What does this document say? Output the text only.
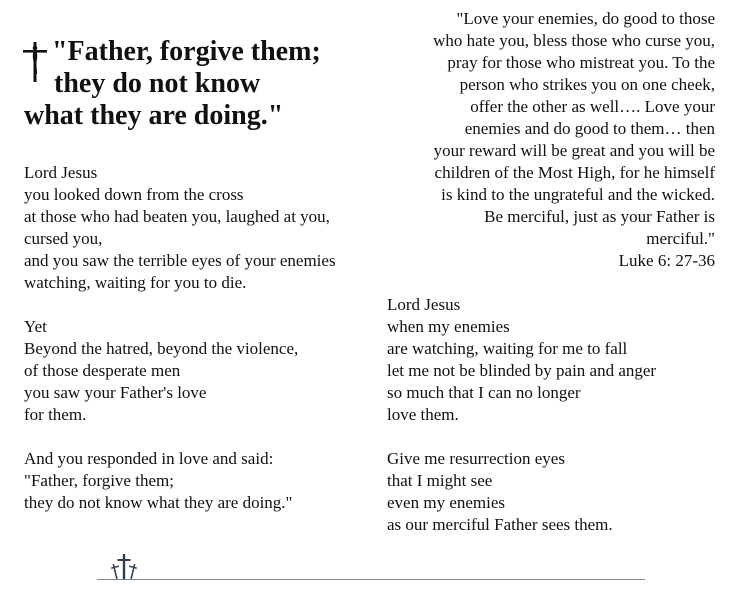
"Father, forgive them;
they do not know
what they are doing."
"Love your enemies, do good to those
who hate you, bless those who curse you,
pray for those who mistreat you. To the
person who strikes you on one cheek,
offer the other as well…. Love your
enemies and do good to them… then
your reward will be great and you will be
children of the Most High, for he himself
is kind to the ungrateful and the wicked.
Be merciful, just as your Father is
merciful."
Luke 6: 27-36

Lord Jesus
you looked down from the cross
at those who had beaten you, laughed at you,
cursed you,
and you saw the terrible eyes of your enemies
watching, waiting for you to die.

Yet
Beyond the hatred, beyond the violence,
of those desperate men
you saw your Father's love
for them.

And you responded in love and said:
"Father, forgive them;
they do not know what they are doing."

Lord Jesus
when my enemies
are watching, waiting for me to fall
let me not be blinded by pain and anger
so much that I can no longer
love them.

Give me resurrection eyes
that I might see
even my enemies
as our merciful Father sees them.
